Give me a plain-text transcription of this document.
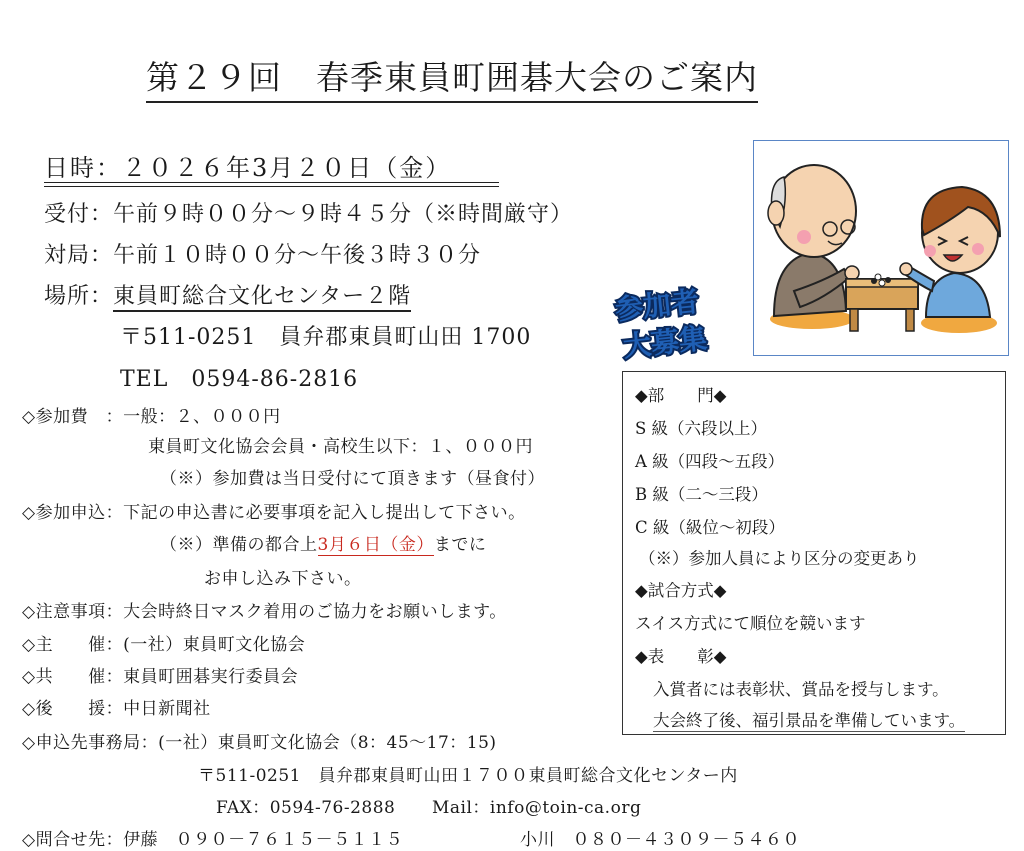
第２９回　春季東員町囲碁大会のご案内
日時：２０２６年3月２０日（金）
受付：午前９時００分～９時４５分（※時間厳守）
対局：午前１０時００分～午後３時３０分
場所：東員町総合文化センター２階
〒511-0251　員弁郡東員町山田 1700
TEL　0594-86-2816
◇参加費　：一般：２、０００円
東員町文化協会会員・高校生以下：１、０００円
（※）参加費は当日受付にて頂きます（昼食付）
◇参加申込：下記の申込書に必要事項を記入し提出して下さい。
（※）準備の都合上3月６日（金）までに
お申し込み下さい。
◇注意事項：大会時終日マスク着用のご協力をお願いします。
◇主　　催：(一社）東員町文化協会
◇共　　催：東員町囲碁実行委員会
◇後　　援：中日新聞社
◇申込先事務局：(一社）東員町文化協会（8：45～17：15)
〒511-0251　員弁郡東員町山田１７００東員町総合文化センター内
FAX：0594-76-2888 Mail：info@toin-ca.org
◇問合せ先：伊藤　０９０－７６１５－５１１５	小川　０８０－４３０９－５４６０
参加者
大募集
◆部　　門◆
S 級（六段以上）
A 級（四段～五段）
B 級（二～三段）
C 級（級位～初段）
（※）参加人員により区分の変更あり
◆試合方式◆
スイス方式にて順位を競います
◆表　　彰◆
入賞者には表彰状、賞品を授与します。
大会終了後、福引景品を準備しています。
